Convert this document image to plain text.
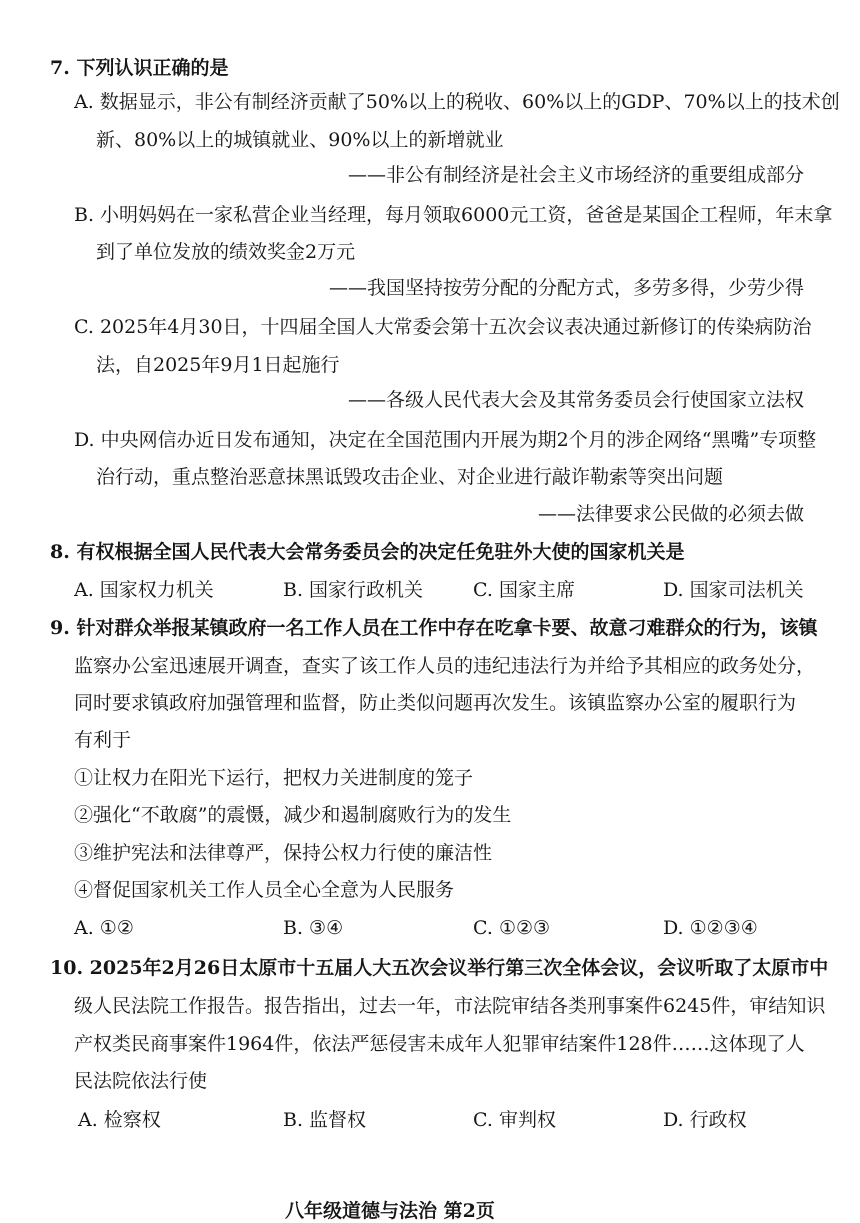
7. 下列认识正确的是
A. 数据显示，非公有制经济贡献了50%以上的税收、60%以上的GDP、70%以上的技术创
新、80%以上的城镇就业、90%以上的新增就业
——非公有制经济是社会主义市场经济的重要组成部分
B. 小明妈妈在一家私营企业当经理，每月领取6000元工资，爸爸是某国企工程师，年末拿
到了单位发放的绩效奖金2万元
——我国坚持按劳分配的分配方式，多劳多得，少劳少得
C. 2025年4月30日，十四届全国人大常委会第十五次会议表决通过新修订的传染病防治
法，自2025年9月1日起施行
——各级人民代表大会及其常务委员会行使国家立法权
D. 中央网信办近日发布通知，决定在全国范围内开展为期2个月的涉企网络“黑嘴”专项整
治行动，重点整治恶意抹黑诋毁攻击企业、对企业进行敲诈勒索等突出问题
——法律要求公民做的必须去做
8. 有权根据全国人民代表大会常务委员会的决定任免驻外大使的国家机关是
A. 国家权力机关	B. 国家行政机关	C. 国家主席	D. 国家司法机关
9. 针对群众举报某镇政府一名工作人员在工作中存在吃拿卡要、故意刁难群众的行为，该镇
监察办公室迅速展开调查，查实了该工作人员的违纪违法行为并给予其相应的政务处分，
同时要求镇政府加强管理和监督，防止类似问题再次发生。该镇监察办公室的履职行为
有利于
①让权力在阳光下运行，把权力关进制度的笼子
②强化“不敢腐”的震慑，减少和遏制腐败行为的发生
③维护宪法和法律尊严，保持公权力行使的廉洁性
④督促国家机关工作人员全心全意为人民服务
A. ①②	B. ③④	C. ①②③	D. ①②③④
10. 2025年2月26日太原市十五届人大五次会议举行第三次全体会议，会议听取了太原市中
级人民法院工作报告。报告指出，过去一年，市法院审结各类刑事案件6245件，审结知识
产权类民商事案件1964件，依法严惩侵害未成年人犯罪审结案件128件……这体现了人
民法院依法行使
A. 检察权	B. 监督权	C. 审判权	D. 行政权
八年级道德与法治 第2页
